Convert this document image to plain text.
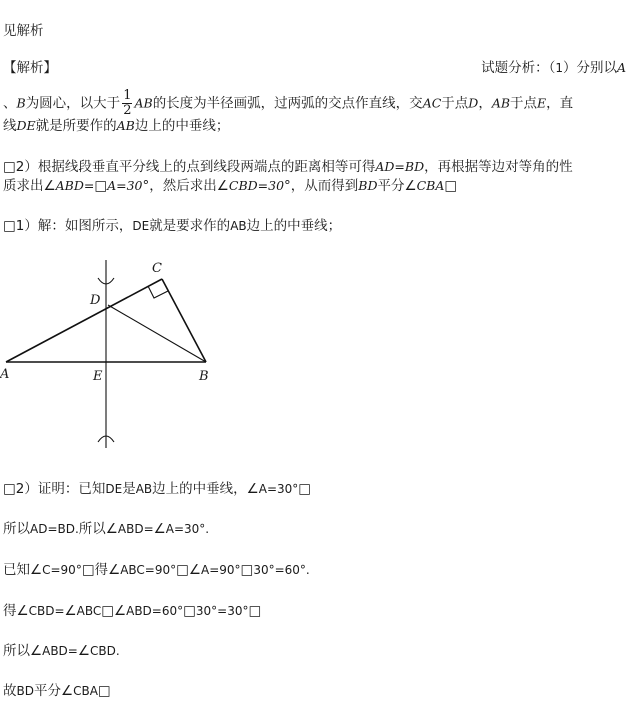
见解析
【解析】	试题分析：（1）分别以A
、B为圆心，以大于 $\frac{1}{2}$ AB的长度为半径画弧，过两弧的交点作直线，交AC于点D，AB于点E，直
线DE就是所要作的AB边上的中垂线；
□2）根据线段垂直平分线上的点到线段两端点的距离相等可得AD=BD，再根据等边对等角的性
质求出∠ABD=□A=30°，然后求出∠CBD=30°，从而得到BD平分∠CBA□
□1）解：如图所示，DE就是要求作的AB边上的中垂线；
A	B
C
D
E
□2）证明：已知DE是AB边上的中垂线，∠A=30°□
所以AD=BD.所以∠ABD=∠A=30°.
已知∠C=90°□得∠ABC=90°□∠A=90°□30°=60°.
得∠CBD=∠ABC□∠ABD=60°□30°=30°□
所以∠ABD=∠CBD.
故BD平分∠CBA□
